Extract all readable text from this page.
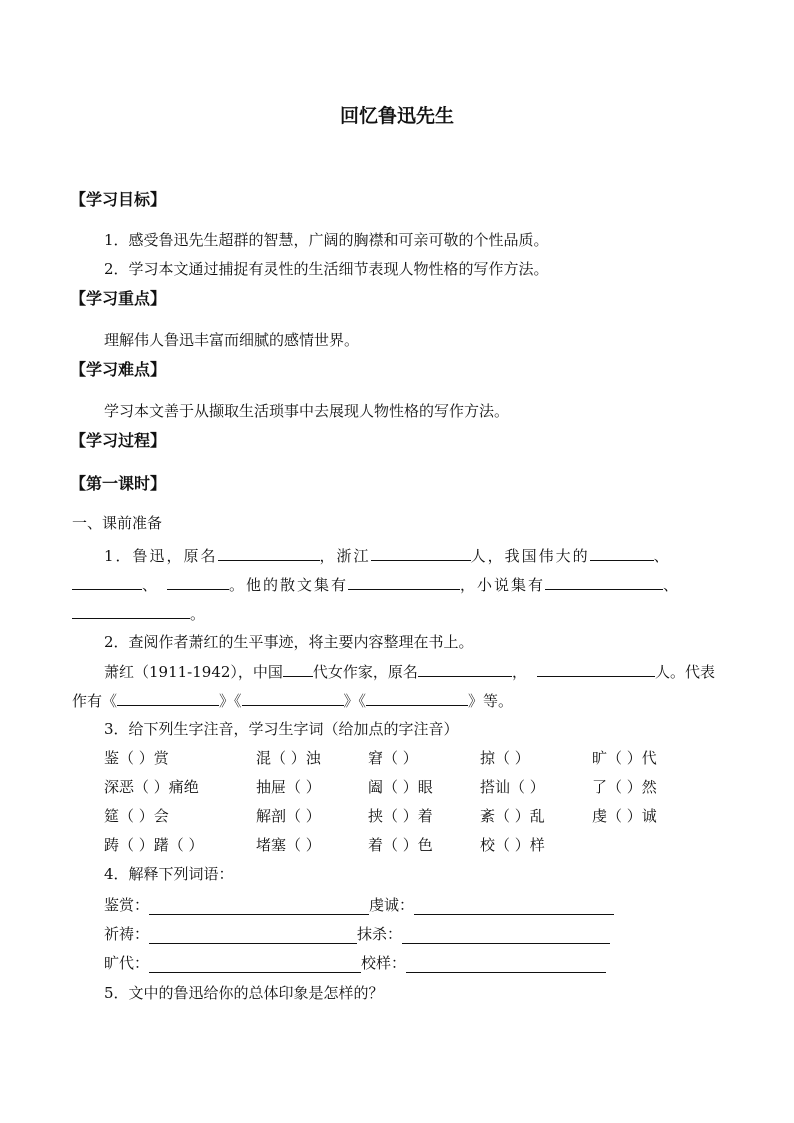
回忆鲁迅先生
【学习目标】
1．感受鲁迅先生超群的智慧，广阔的胸襟和可亲可敬的个性品质。
2．学习本文通过捕捉有灵性的生活细节表现人物性格的写作方法。
【学习重点】
理解伟人鲁迅丰富而细腻的感情世界。
【学习难点】
学习本文善于从撷取生活琐事中去展现人物性格的写作方法。
【学习过程】
【第一课时】
一、课前准备
1．鲁迅，原名	，浙江	人，我国伟大的	、
、	。他的散文集有	，小说集有	、
。
2．查阅作者萧红的生平事迹，将主要内容整理在书上。
萧红（1911-1942），中国 代女作家，原名	，	人。代表
作有《	》《	》《	》等。
3．给下列生字注音，学习生字词（给加点的字注音）
鉴（ ）赏	混（ ）浊	窘（ ）	掠（ ）	旷（ ）代
深恶（ ）痛绝	抽屉（ ）	阖（ ）眼	搭讪（ ）	了（ ）然
筵（ ）会	解剖（ ）	挟（ ）着	紊（ ）乱	虔（ ）诚
踌（ ）躇（ ）	堵塞（ ）	着（ ）色	校（ ）样
4．解释下列词语：
鉴赏：	虔诚：
祈祷：	抹杀：
旷代：	校样：
5．文中的鲁迅给你的总体印象是怎样的？
